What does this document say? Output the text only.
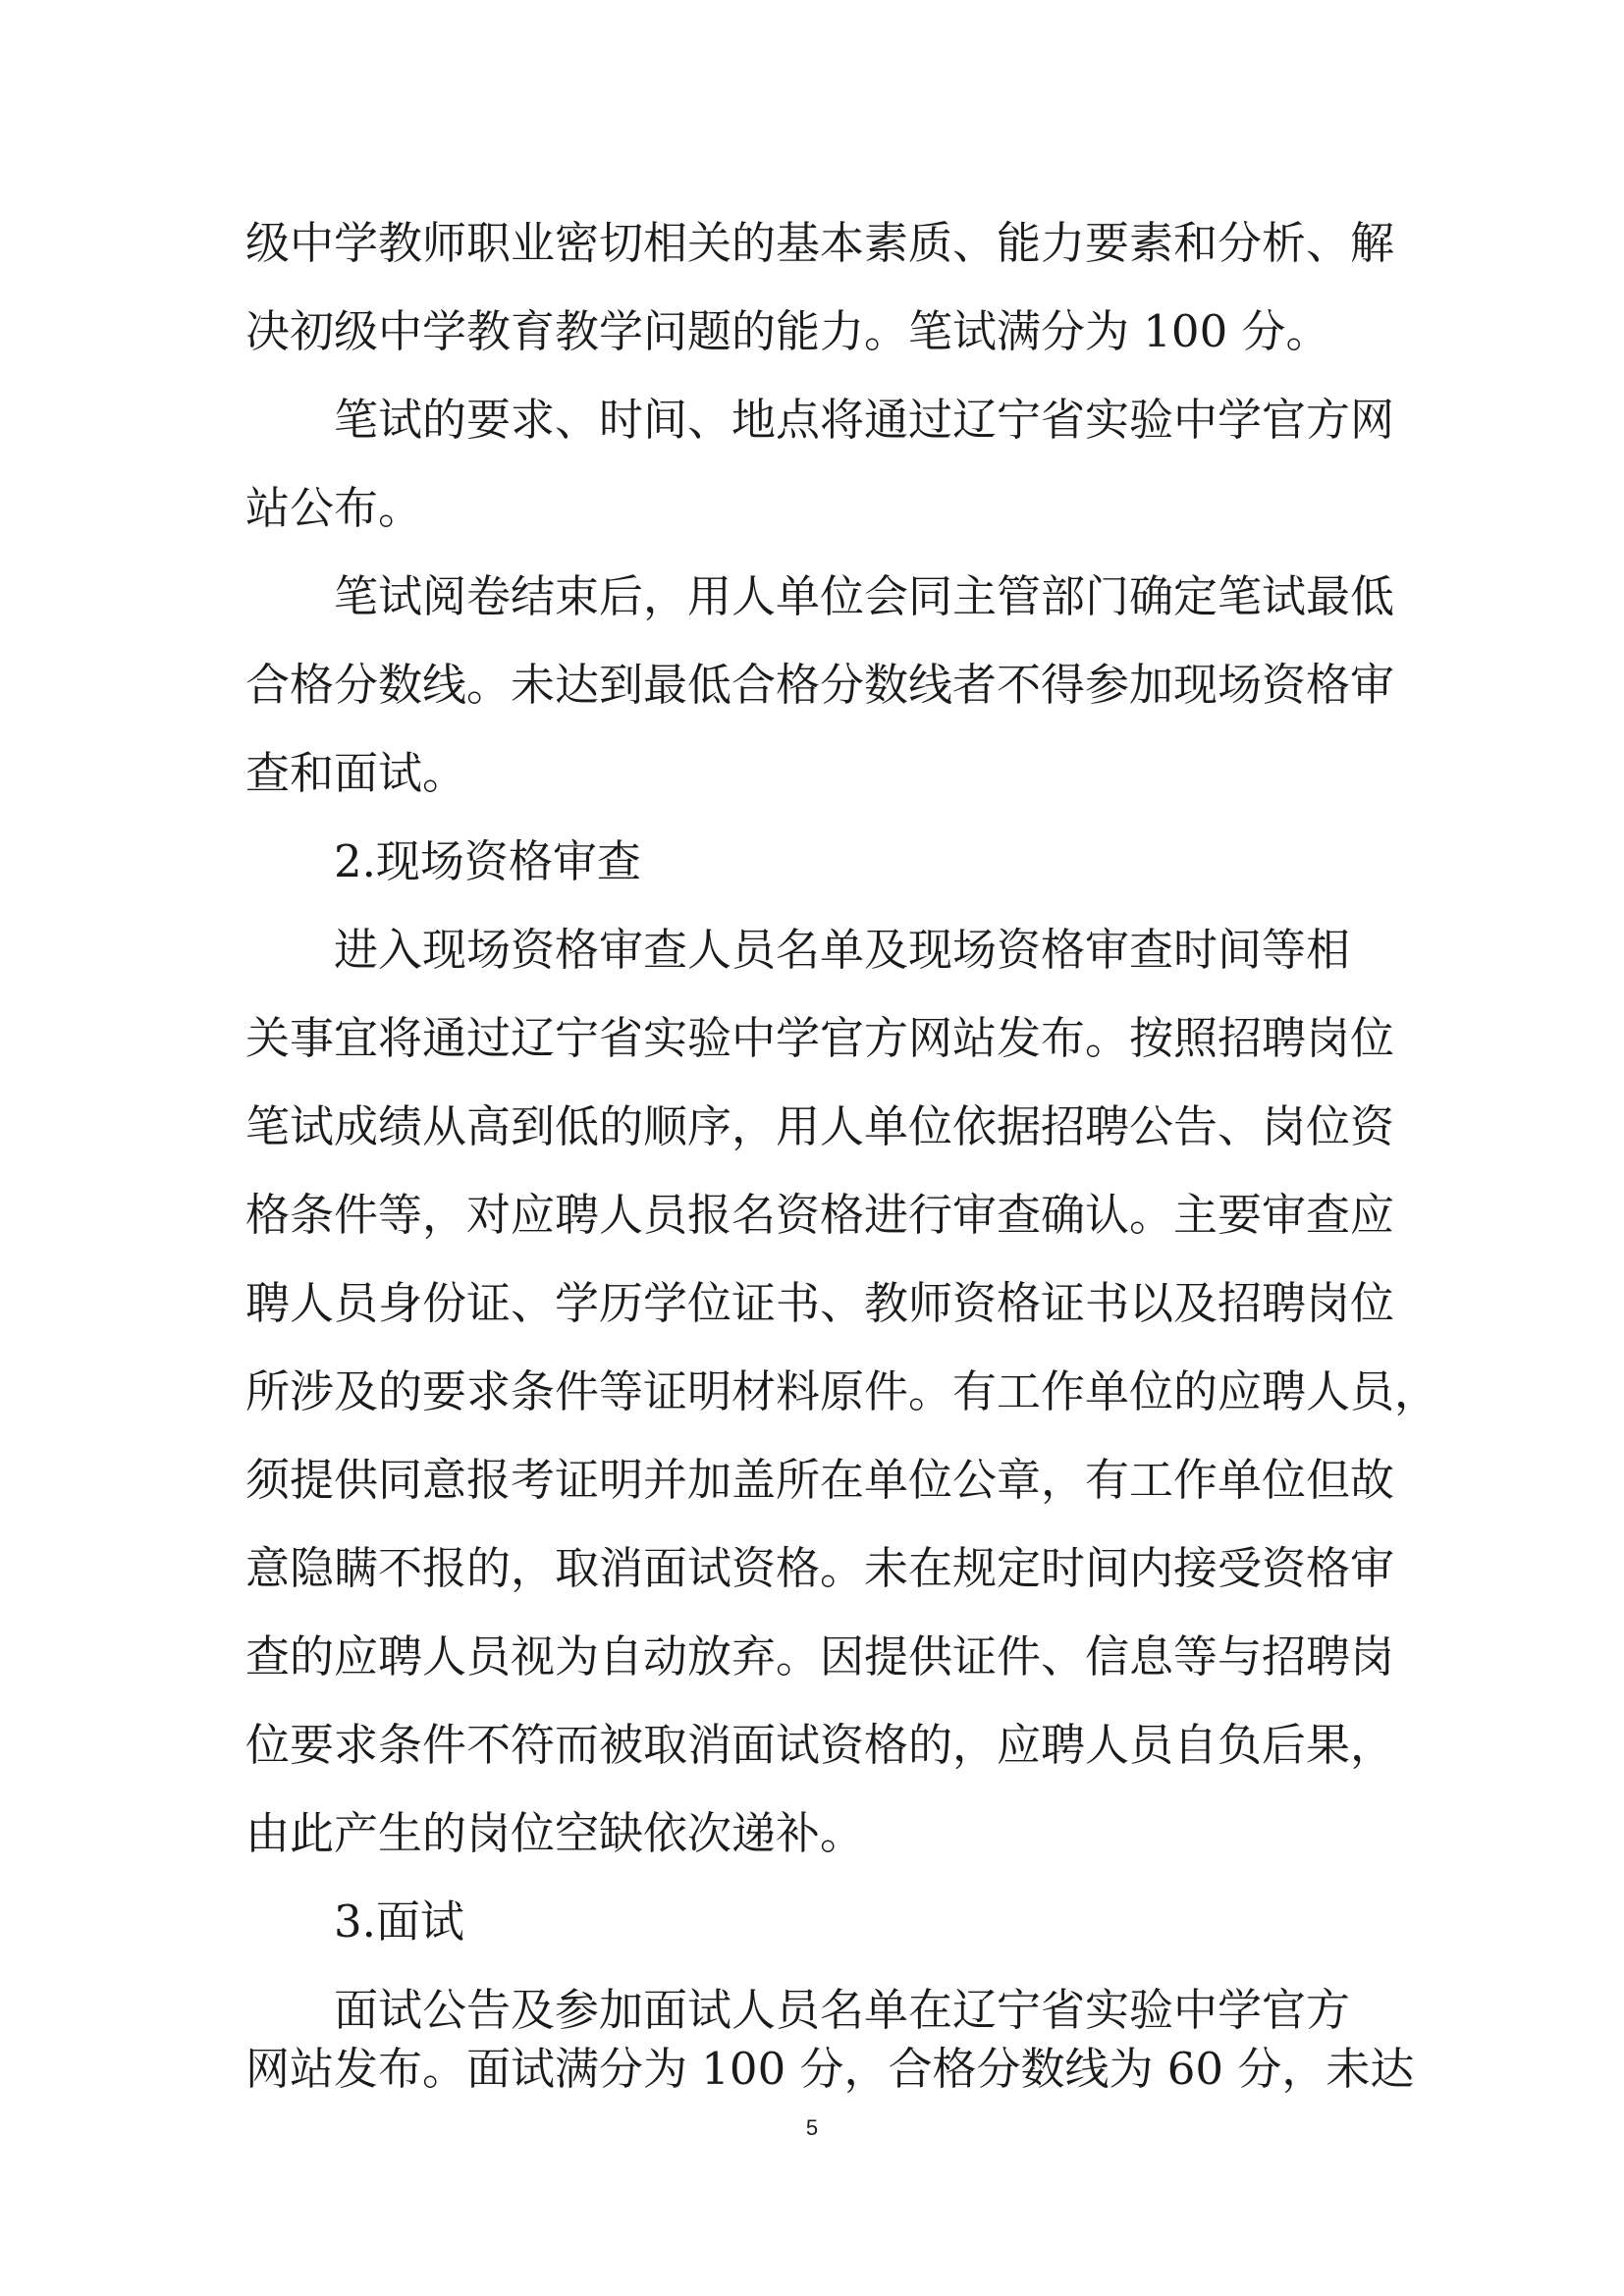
级中学教师职业密切相关的基本素质、能力要素和分析、解

决初级中学教育教学问题的能力。笔试满分为 100 分。

笔试的要求、时间、地点将通过辽宁省实验中学官方网

站公布。

笔试阅卷结束后，用人单位会同主管部门确定笔试最低

合格分数线。未达到最低合格分数线者不得参加现场资格审

查和面试。

2.现场资格审查

进入现场资格审查人员名单及现场资格审查时间等相

关事宜将通过辽宁省实验中学官方网站发布。按照招聘岗位

笔试成绩从高到低的顺序，用人单位依据招聘公告、岗位资

格条件等，对应聘人员报名资格进行审查确认。主要审查应

聘人员身份证、学历学位证书、教师资格证书以及招聘岗位

所涉及的要求条件等证明材料原件。有工作单位的应聘人员，

须提供同意报考证明并加盖所在单位公章，有工作单位但故

意隐瞒不报的，取消面试资格。未在规定时间内接受资格审

查的应聘人员视为自动放弃。因提供证件、信息等与招聘岗

位要求条件不符而被取消面试资格的，应聘人员自负后果，

由此产生的岗位空缺依次递补。

3.面试

面试公告及参加面试人员名单在辽宁省实验中学官方

网站发布。面试满分为 100 分，合格分数线为 60 分，未达

5
